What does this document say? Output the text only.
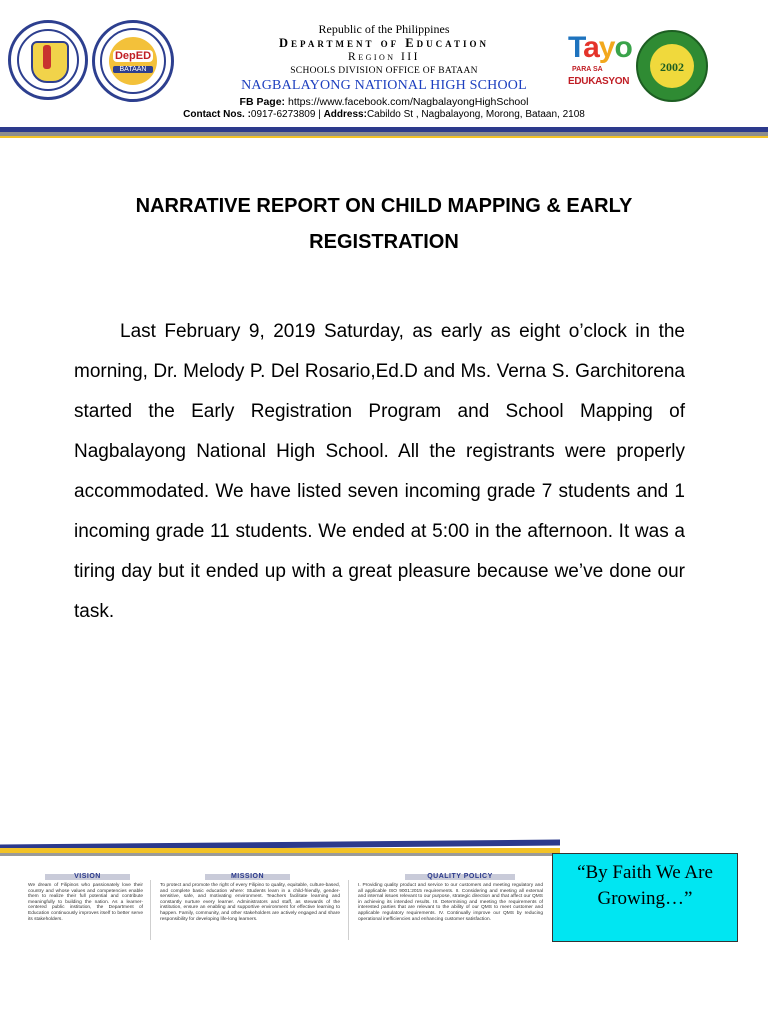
DepED
BATAAN
Republic of the Philippines
Department of Education
Region III
SCHOOLS DIVISION OFFICE OF BATAAN
NAGBALAYONG NATIONAL HIGH SCHOOL
FB Page: https://www.facebook.com/NagbalayongHighSchool
Contact Nos. :0917-6273809 | Address:Cabildo St , Nagbalayong, Morong, Bataan, 2108
Tayo
PARA SA
EDUKASYON
2002
NARRATIVE REPORT ON CHILD MAPPING & EARLY REGISTRATION
Last February 9, 2019 Saturday, as early as eight o’clock in the morning, Dr. Melody P. Del Rosario,Ed.D and Ms. Verna S. Garchitorena started the Early Registration Program and School Mapping of Nagbalayong National High School. All the registrants were properly accommodated. We have listed seven incoming grade 7 students and 1 incoming grade 11 students. We ended at 5:00 in the afternoon. It was a tiring day but it ended up with a great pleasure because we’ve done our task.
VISION
We dream of Filipinos who passionately love their country and whose values and competencies enable them to realize their full potential and contribute meaningfully to building the nation. As a learner-centered public institution, the Department of Education continuously improves itself to better serve its stakeholders.
MISSION
To protect and promote the right of every Filipino to quality, equitable, culture-based, and complete basic education where: Students learn in a child-friendly, gender-sensitive, safe, and motivating environment. Teachers facilitate learning and constantly nurture every learner. Administrators and staff, as stewards of the institution, ensure an enabling and supportive environment for effective learning to happen. Family, community, and other stakeholders are actively engaged and share responsibility for developing life-long learners.
QUALITY POLICY
I. Providing quality product and service to our customers and meeting regulatory and all applicable ISO 9001:2015 requirements. II. Considering and meeting all external and internal issues relevant to our purpose, strategic direction and that affect our QMS in achieving its intended results. III. Determining and meeting the requirements of interested parties that are relevant to the ability of our QMS to meet customer and applicable regulatory requirements. IV. Continually improve our QMS by reducing operational inefficiencies and enhancing customer satisfaction.
“By Faith We Are Growing…”
